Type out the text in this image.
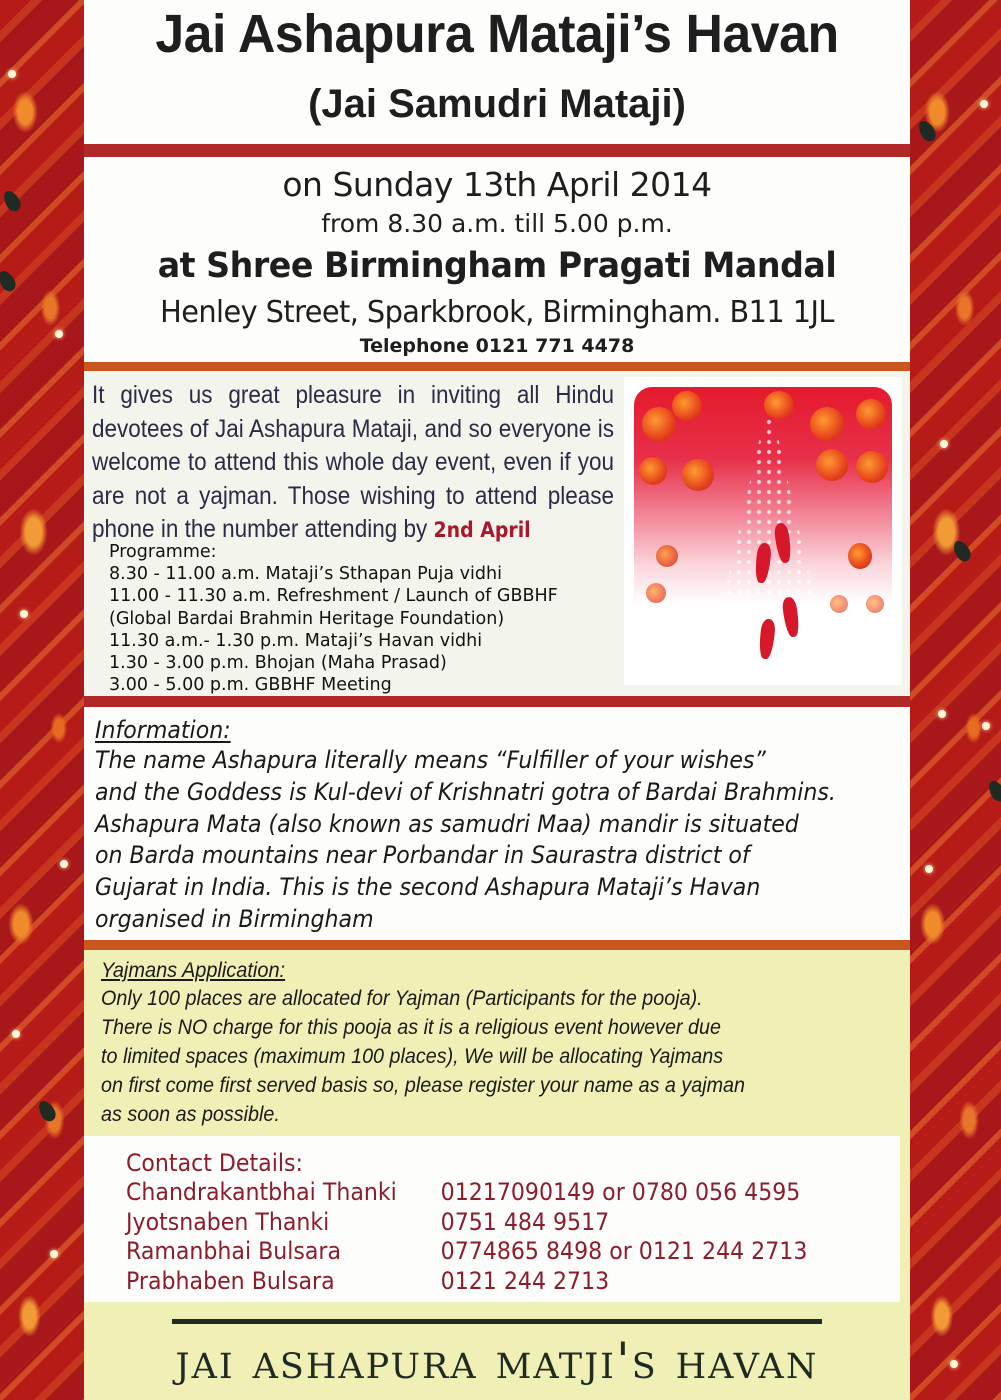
Jai Ashapura Mataji’s Havan
(Jai Samudri Mataji)
on Sunday 13th April 2014
from 8.30 a.m. till 5.00 p.m.
at Shree Birmingham Pragati Mandal
Henley Street, Sparkbrook, Birmingham. B11 1JL
Telephone 0121 771 4478
It gives us great pleasure in inviting all Hindu devotees of Jai Ashapura Mataji, and so everyone is welcome to attend this whole day event, even if you are not a yajman. Those wishing to attend please phone in the number attending by 2nd April
Programme:
8.30 - 11.00 a.m. Mataji’s Sthapan Puja vidhi
11.00 - 11.30 a.m. Refreshment / Launch of GBBHF
(Global Bardai Brahmin Heritage Foundation)
11.30 a.m.- 1.30 p.m. Mataji’s Havan vidhi
1.30 - 3.00 p.m. Bhojan (Maha Prasad)
3.00 - 5.00 p.m. GBBHF Meeting
Information:
The name Ashapura literally means “Fulfiller of your wishes”
and the Goddess is Kul-devi of Krishnatri gotra of Bardai Brahmins.
Ashapura Mata (also known as samudri Maa) mandir is situated
on Barda mountains near Porbandar in Saurastra district of
Gujarat in India. This is the second Ashapura Mataji’s Havan
organised in Birmingham
Yajmans Application:
Only 100 places are allocated for Yajman (Participants for the pooja).
There is NO charge for this pooja as it is a religious event however due
to limited spaces (maximum 100 places), We will be allocating Yajmans
on first come first served basis so, please register your name as a yajman
as soon as possible.
Contact Details:
Chandrakantbhai Thanki	01217090149 or 0780 056 4595
Jyotsnaben Thanki	0751 484 9517
Ramanbhai Bulsara	0774865 8498 or 0121 244 2713
Prabhaben Bulsara	0121 244 2713
jai ashapura matji's havan
